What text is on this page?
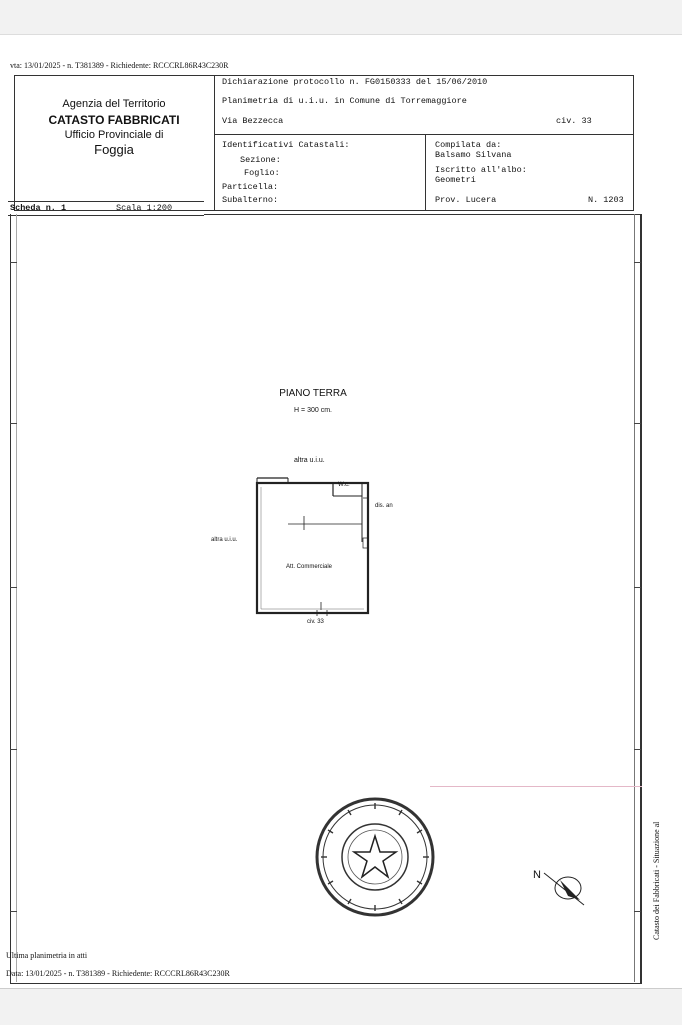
vta: 13/01/2025 - n. T381389 - Richiedente: RCCCRL86R43C230R
Agenzia del Territorio
CATASTO FABBRICATI
Ufficio Provinciale di
Foggia
Dichiarazione protocollo n. FG0150333 del 15/06/2010
Planimetria di u.i.u. in Comune di Torremaggiore
Via Bezzecca	civ. 33
Identificativi Catastali:
Sezione:
Foglio:
Particella:
Subalterno:
Compilata da:
Balsamo Silvana
Iscritto all'albo:
Geometri
Prov. Lucera	N. 1203
Scheda n. 1	Scala 1:200
PIANO TERRA
H = 300 cm.
altra u.i.u.
altra u.i.u.
W.c.
dis. an
Att. Commerciale
civ. 33
N	Catasto dei Fabbricati - Situazione al
Ultima planimetria in atti
Data: 13/01/2025 - n. T381389 - Richiedente: RCCCRL86R43C230R
